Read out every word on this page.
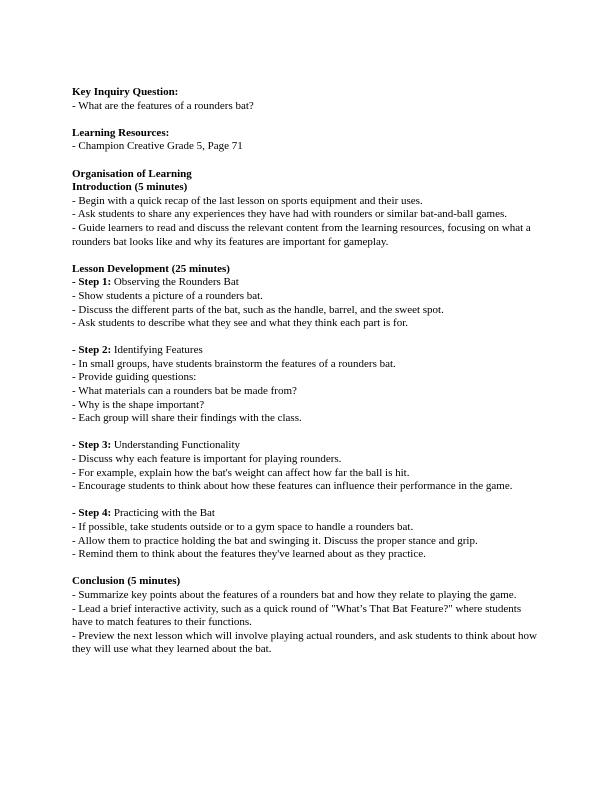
Key Inquiry Question:

- What are the features of a rounders bat?

Learning Resources:

- Champion Creative Grade 5, Page 71

Organisation of Learning

Introduction (5 minutes)

- Begin with a quick recap of the last lesson on sports equipment and their uses.

- Ask students to share any experiences they have had with rounders or similar bat-and-ball games.

- Guide learners to read and discuss the relevant content from the learning resources, focusing on what a rounders bat looks like and why its features are important for gameplay.

Lesson Development (25 minutes)

- Step 1: Observing the Rounders Bat

- Show students a picture of a rounders bat.

- Discuss the different parts of the bat, such as the handle, barrel, and the sweet spot.

- Ask students to describe what they see and what they think each part is for.

- Step 2: Identifying Features

- In small groups, have students brainstorm the features of a rounders bat.

- Provide guiding questions:

- What materials can a rounders bat be made from?

- Why is the shape important?

- Each group will share their findings with the class.

- Step 3: Understanding Functionality

- Discuss why each feature is important for playing rounders.

- For example, explain how the bat's weight can affect how far the ball is hit.

- Encourage students to think about how these features can influence their performance in the game.

- Step 4: Practicing with the Bat

- If possible, take students outside or to a gym space to handle a rounders bat.

- Allow them to practice holding the bat and swinging it. Discuss the proper stance and grip.

- Remind them to think about the features they've learned about as they practice.

Conclusion (5 minutes)

- Summarize key points about the features of a rounders bat and how they relate to playing the game.

- Lead a brief interactive activity, such as a quick round of "What’s That Bat Feature?" where students have to match features to their functions.

- Preview the next lesson which will involve playing actual rounders, and ask students to think about how they will use what they learned about the bat.
